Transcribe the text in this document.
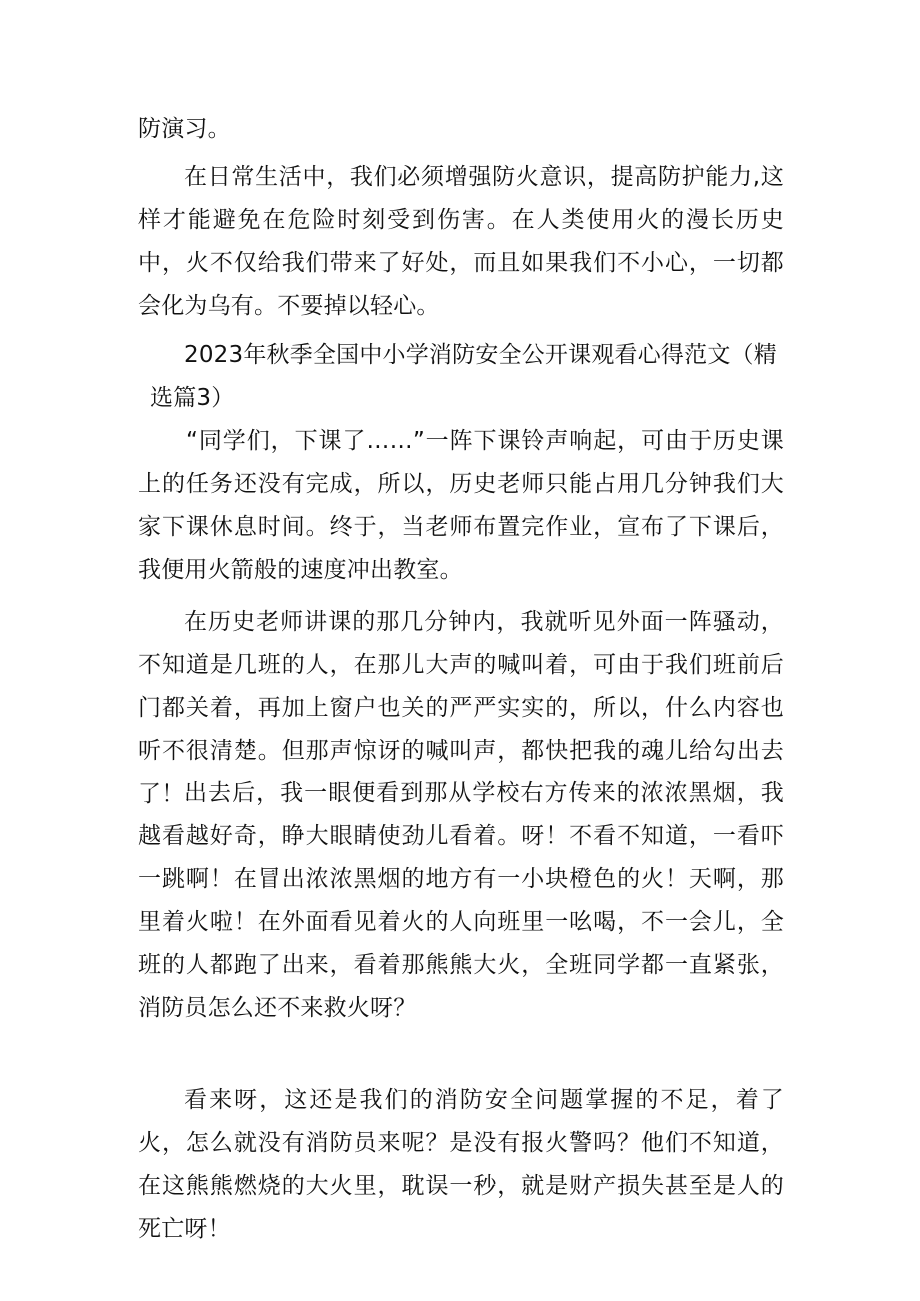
防演习。

在日常生活中，我们必须增强防火意识，提高防护能力,这样才能避免在危险时刻受到伤害。在人类使用火的漫长历史中，火不仅给我们带来了好处，而且如果我们不小心，一切都会化为乌有。不要掉以轻心。

2023年秋季全国中小学消防安全公开课观看心得范文（精

选篇3）

“同学们，下课了……”一阵下课铃声响起，可由于历史课上的任务还没有完成，所以，历史老师只能占用几分钟我们大家下课休息时间。终于，当老师布置完作业，宣布了下课后，我便用火箭般的速度冲出教室。

在历史老师讲课的那几分钟内，我就听见外面一阵骚动，不知道是几班的人，在那儿大声的喊叫着，可由于我们班前后门都关着，再加上窗户也关的严严实实的，所以，什么内容也听不很清楚。但那声惊讶的喊叫声，都快把我的魂儿给勾出去了！ 出去后，我一眼便看到那从学校右方传来的浓浓黑烟，我越看越好奇，睁大眼睛使劲儿看着。呀！不看不知道，一看吓一跳啊！在冒出浓浓黑烟的地方有一小块橙色的火！天啊，那里着火啦！在外面看见着火的人向班里一吆喝，不一会儿，全班的人都跑了出来，看着那熊熊大火，全班同学都一直紧张，消防员怎么还不来救火呀？

看来呀，这还是我们的消防安全问题掌握的不足，着了火，怎么就没有消防员来呢？是没有报火警吗？他们不知道，在这熊熊燃烧的大火里，耽误一秒，就是财产损失甚至是人的死亡呀！
